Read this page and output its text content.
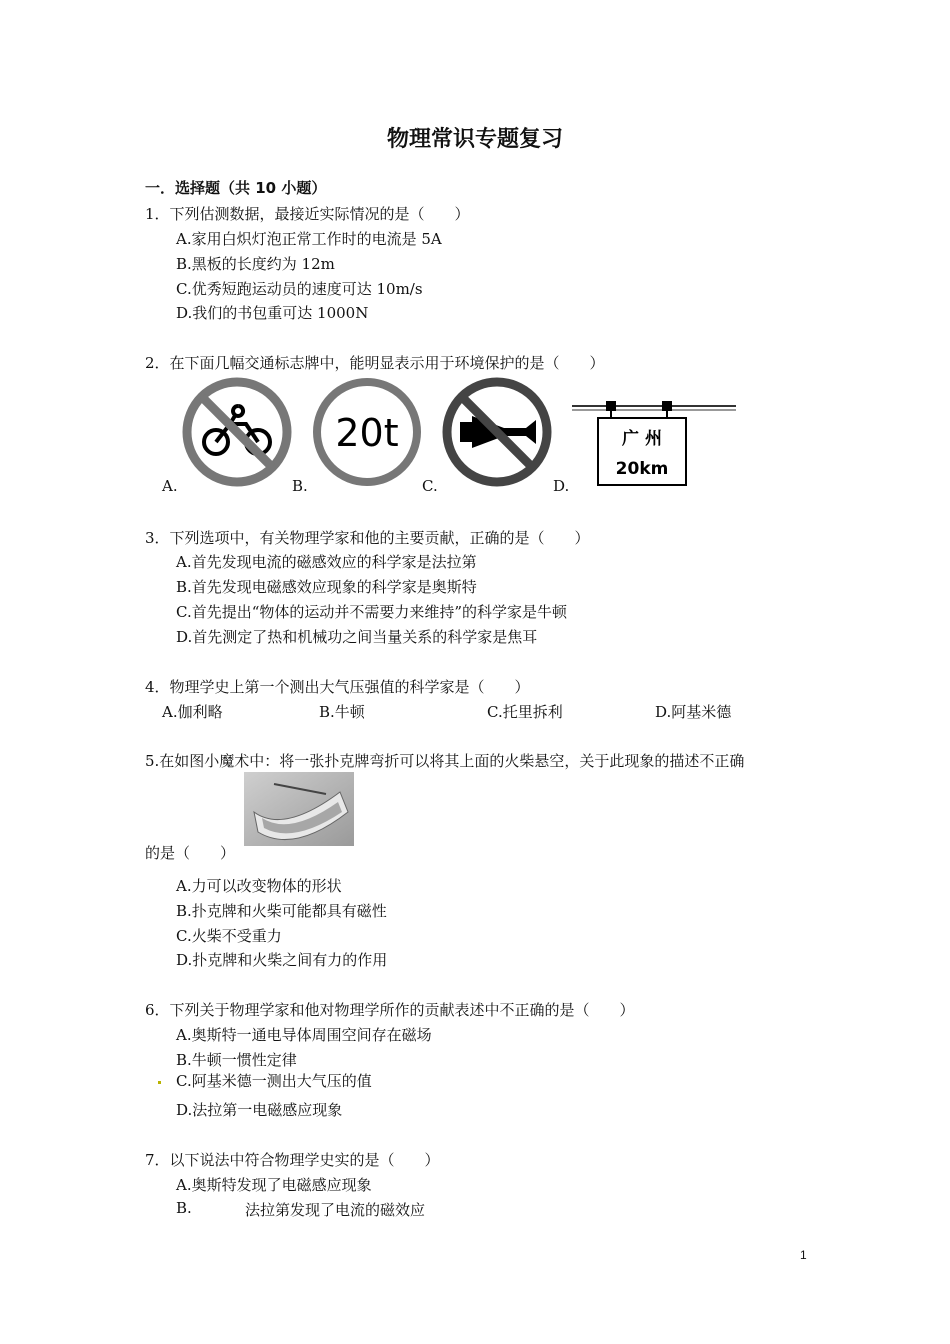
物理常识专题复习
一．选择题（共 10 小题）
1．下列估测数据，最接近实际情况的是（　　）
A.家用白炽灯泡正常工作时的电流是 5A
B.黑板的长度约为 12m
C.优秀短跑运动员的速度可达 10m/s
D.我们的书包重可达 1000N
2．在下面几幅交通标志牌中，能明显表示用于环境保护的是（　　）
20t	广 州
20km
A.	B.	C.	D.
3．下列选项中，有关物理学家和他的主要贡献，正确的是（　　）
A.首先发现电流的磁感效应的科学家是法拉第
B.首先发现电磁感效应现象的科学家是奥斯特
C.首先提出“物体的运动并不需要力来维持”的科学家是牛顿
D.首先测定了热和机械功之间当量关系的科学家是焦耳
4．物理学史上第一个测出大气压强值的科学家是（　　）
A.伽利略	B.牛顿	C.托里拆利	D.阿基米德
5.在如图小魔术中：将一张扑克牌弯折可以将其上面的火柴悬空，关于此现象的描述不正确
的是（　　）
A.力可以改变物体的形状
B.扑克牌和火柴可能都具有磁性
C.火柴不受重力
D.扑克牌和火柴之间有力的作用
6．下列关于物理学家和他对物理学所作的贡献表述中不正确的是（　　）
A.奥斯特一通电导体周围空间存在磁场
B.牛顿一惯性定律
C.阿基米德一测出大气压的值
D.法拉第一电磁感应现象
7．以下说法中符合物理学史实的是（　　）
A.奥斯特发现了电磁感应现象
B.	法拉第发现了电流的磁效应
1
